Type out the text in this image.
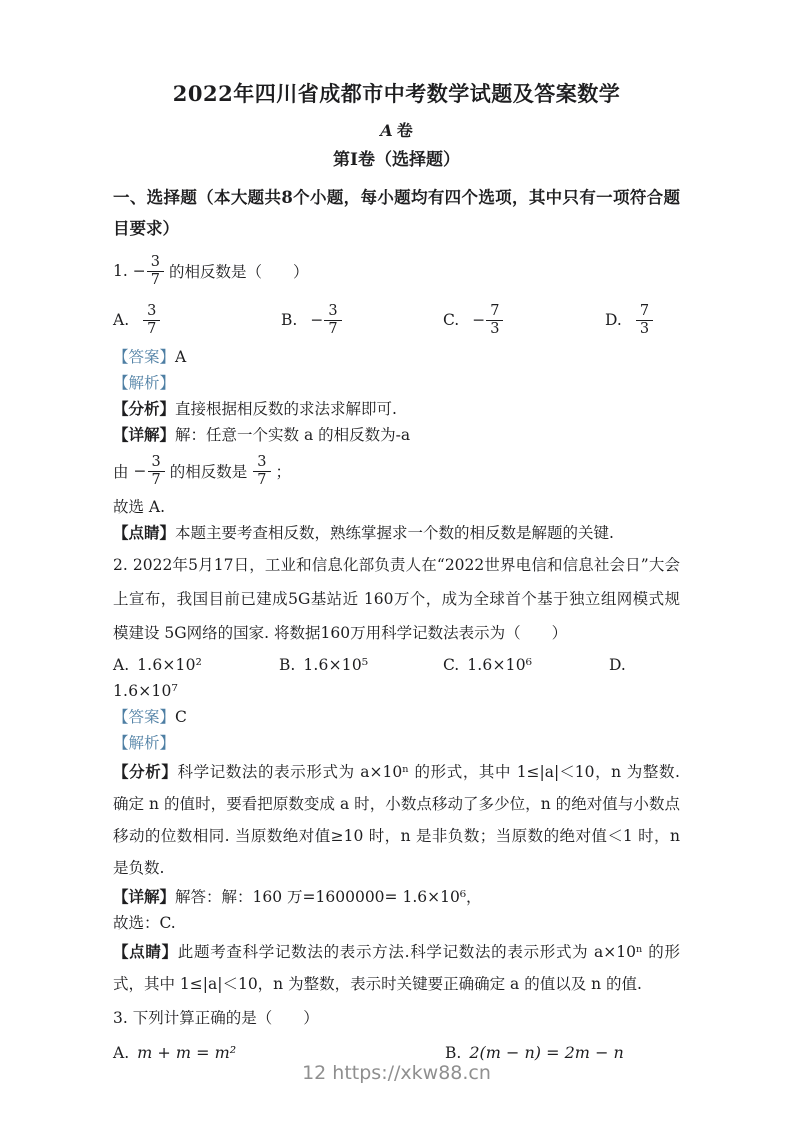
2022年四川省成都市中考数学试题及答案数学
A 卷
第Ⅰ卷（选择题）
一、选择题（本大题共8个小题，每小题均有四个选项，其中只有一项符合题目要求）
1. − $\frac{3}{7}$ 的相反数是（　　）
A. $\frac{3}{7}$	B. − $\frac{3}{7}$	C. − $\frac{7}{3}$	D. $\frac{7}{3}$
【答案】A
【解析】
【分析】直接根据相反数的求法求解即可.
【详解】解：任意一个实数 a 的相反数为-a
由 − $\frac{3}{7}$ 的相反数是 $\frac{3}{7}$ ；
故选 A.
【点睛】本题主要考查相反数，熟练掌握求一个数的相反数是解题的关键.
2. 2022年5月17日，工业和信息化部负责人在“2022世界电信和信息社会日”大会上宣布，我国目前已建成5G基站近 160万个，成为全球首个基于独立组网模式规模建设 5G网络的国家. 将数据160万用科学记数法表示为（　　）
A. 1.6×10²	B. 1.6×10⁵	C. 1.6×10⁶	D.
1.6×10⁷
【答案】C
【解析】
【分析】科学记数法的表示形式为 a×10ⁿ 的形式，其中 1≤|a|＜10，n 为整数. 确定 n 的值时，要看把原数变成 a 时，小数点移动了多少位，n 的绝对值与小数点移动的位数相同. 当原数绝对值≥10 时，n 是非负数；当原数的绝对值＜1 时，n 是负数.
【详解】解答：解：160 万=1600000= 1.6×10⁶，
故选：C.
【点睛】此题考查科学记数法的表示方法.科学记数法的表示形式为 a×10ⁿ 的形式，其中 1≤|a|＜10，n 为整数，表示时关键要正确确定 a 的值以及 n 的值.
3. 下列计算正确的是（　　）
A. m + m = m²	B. 2(m − n) = 2m − n
12 https://xkw88.cn
